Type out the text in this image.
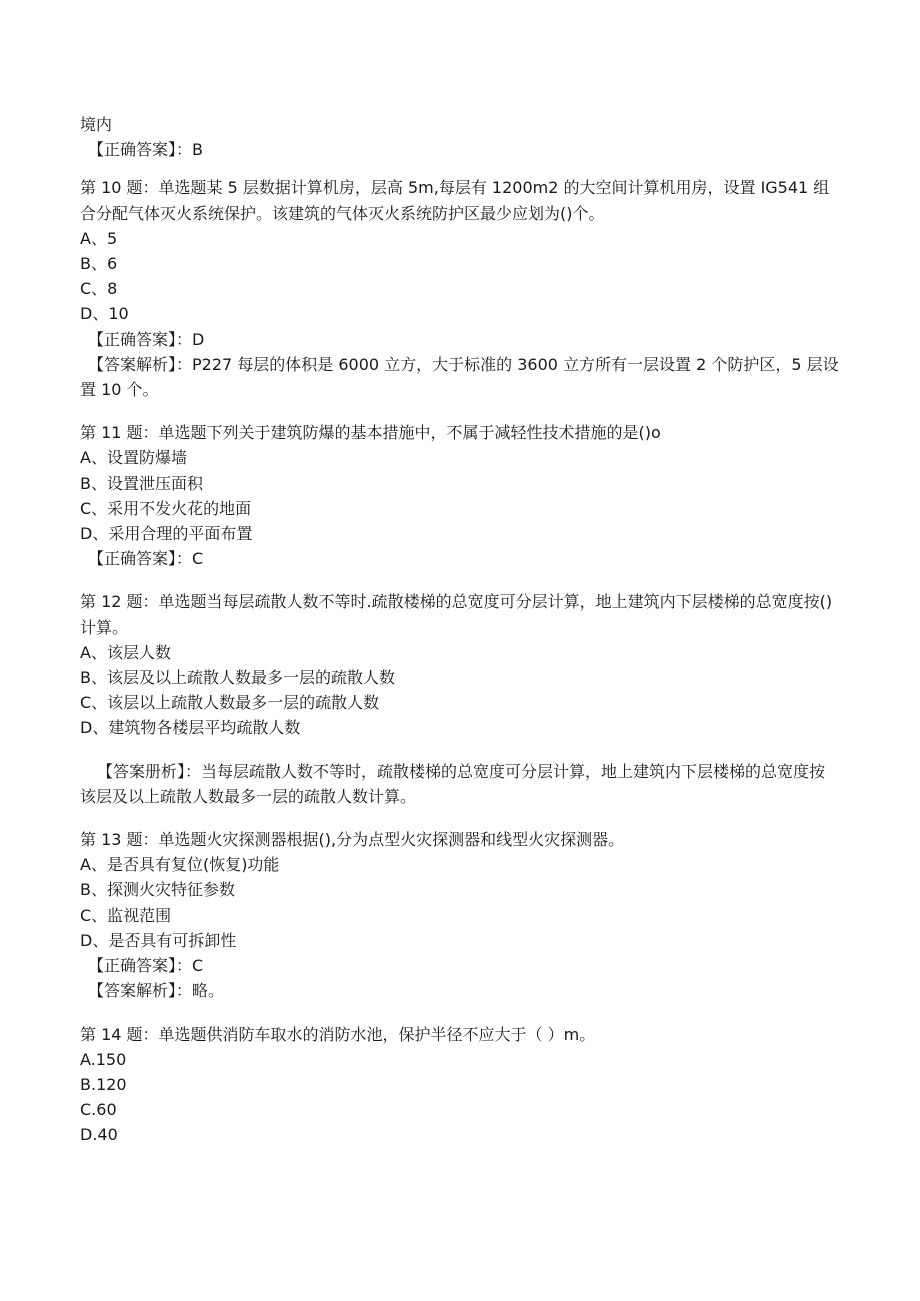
境内
【正确答案】：B
第 10 题：单选题某 5 层数据计算机房，层高 5m,每层有 1200m2 的大空间计算机用房，设置 IG541 组合分配气体灭火系统保护。该建筑的气体灭火系统防护区最少应划为()个。
A、5
B、6
C、8
D、10
【正确答案】：D
【答案解析】：P227 每层的体积是 6000 立方，大于标准的 3600 立方所有一层设置 2 个防护区，5 层设置 10 个。
第 11 题：单选题下列关于建筑防爆的基本措施中，不属于减轻性技术措施的是()o
A、设置防爆墙
B、设置泄压面积
C、采用不发火花的地面
D、采用合理的平面布置
【正确答案】：C
第 12 题：单选题当每层疏散人数不等时.疏散楼梯的总宽度可分层计算，地上建筑内下层楼梯的总宽度按()计算。
A、该层人数
B、该层及以上疏散人数最多一层的疏散人数
C、该层以上疏散人数最多一层的疏散人数
D、建筑物各楼层平均疏散人数
【答案册析】：当每层疏散人数不等时，疏散楼梯的总宽度可分层计算，地上建筑内下层楼梯的总宽度按该层及以上疏散人数最多一层的疏散人数计算。
第 13 题：单选题火灾探测器根据(),分为点型火灾探测器和线型火灾探测器。
A、是否具有复位(恢复)功能
B、探测火灾特征参数
C、监视范围
D、是否具有可拆卸性
【正确答案】：C
【答案解析】：略。
第 14 题：单选题供消防车取水的消防水池，保护半径不应大于（ ）m。
A.150
B.120
C.60
D.40
